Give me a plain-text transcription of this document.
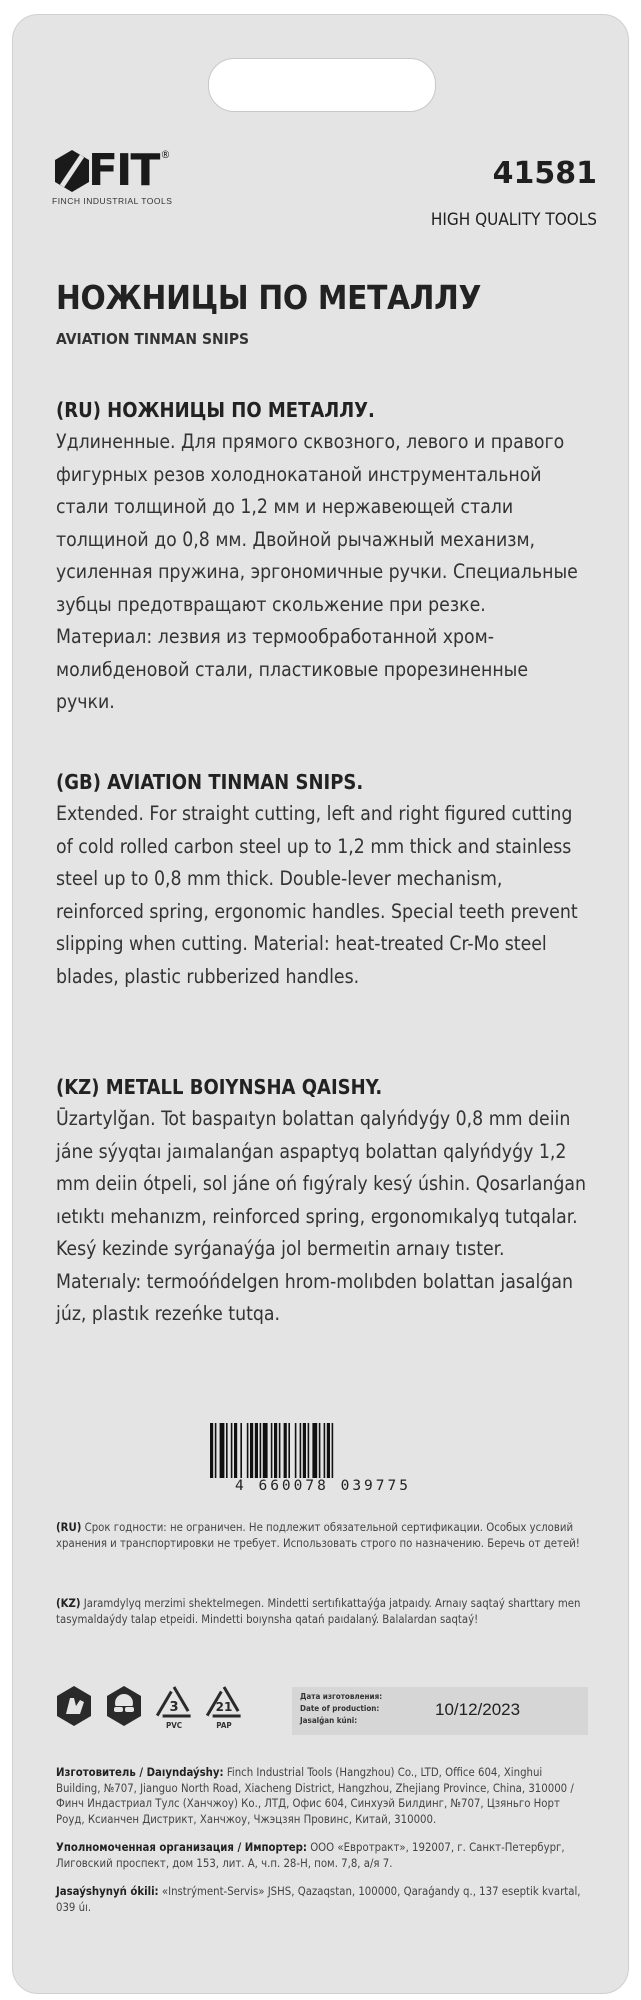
FIT ®
FINCH INDUSTRIAL TOOLS
41581
HIGH QUALITY TOOLS
НОЖНИЦЫ ПО МЕТАЛЛУ
AVIATION TINMAN SNIPS
(RU) НОЖНИЦЫ ПО МЕТАЛЛУ.

Удлиненные. Для прямого сквозного, левого и правого фигурных резов холоднокатаной инструментальной стали толщиной до 1,2 мм и нержавеющей стали толщиной до 0,8 мм. Двойной рычажный механизм, усиленная пружина, эргономичные ручки. Специальные зубцы предотвращают скольжение при резке. Материал: лезвия из термообработанной хром-молибденовой стали, пластиковые прорезиненные ручки.

(GB) AVIATION TINMAN SNIPS.

Extended. For straight cutting, left and right figured cutting of cold rolled carbon steel up to 1,2 mm thick and stainless steel up to 0,8 mm thick. Double-lever mechanism, reinforced spring, ergonomic handles. Special teeth prevent slipping when cutting. Material: heat-treated Cr-Mo steel blades, plastic rubberized handles.

(KZ) METALL BOIYNSHA QAISHY.

Ūzartylğan. Tot baspaıtyn bolattan qalyńdyǵy 0,8 mm deiin jáne sýyqtaı jaımalanǵan aspaptyq bolattan qalyńdyǵy 1,2 mm deiin ótpeli, sol jáne oń fıgýraly kesý úshin. Qosarlanǵan ıetıktı mehanızm, reinforced spring, ergonomıkalyq tutqalar. Kesý kezinde syrǵanaýǵa jol bermeıtin arnaıy tıster. Materıaly: termoóńdelgen hrom-molıbden bolattan jasalǵan júz, plastık rezeńke tutqa.

4 660078 039775
(RU) Срок годности: не ограничен. Не подлежит обязательной сертификации. Особых условий хранения и транспортировки не требует. Использовать строго по назначению. Беречь от детей!
(KZ) Jaramdylyq merzimi shektelmegen. Mindetti sertıfıkattaýǵa jatpaıdy. Arnaıy saqtaý sharttary men tasymaldaýdy talap etpeidi. Mindetti boıynsha qatań paıdalaný. Balalardan saqtaý!
3
PVC
21
PAP
Дата изготовления:
Date of production:
Jasalǵan kúni:
10/12/2023
Изготовитель / Daıyndaýshy: Finch Industrial Tools (Hangzhou) Co., LTD, Office 604, Xinghui Building, №707, Jianguo North Road, Xiacheng District, Hangzhou, Zhejiang Province, China, 310000 / Финч Индастриал Тулс (Ханчжоу) Ко., ЛТД, Офис 604, Синхуэй Билдинг, №707, Цзяньго Норт Роуд, Ксианчен Дистрикт, Ханчжоу, Чжэцзян Провинс, Китай, 310000.
Уполномоченная организация / Импортер: ООО «Евротракт», 192007, г. Санкт-Петербург, Лиговский проспект, дом 153, лит. А, ч.п. 28-Н, пом. 7,8, а/я 7.
Jasaýshynyń ókili: «Instrýment-Servis» JSHS, Qazaqstan, 100000, Qaraǵandy q., 137 eseptik kvartal, 039 úı.
